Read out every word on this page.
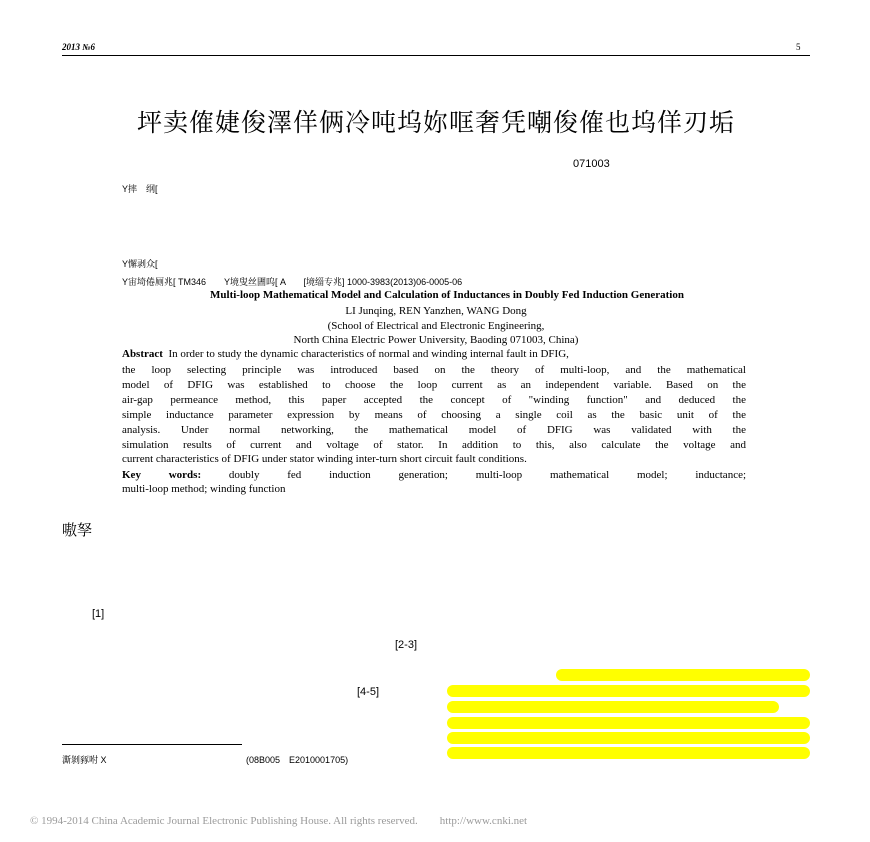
2013 №6	5
坪卖傕婕俊澤佯俩冷吨坞妳哐奢凭嘲俊傕也坞佯刃垢
071003
Y摔　纲[
Y懈剥众[
Y宙埼倦厕兆[ TM346　　Y境叟丝圕呜[ A　　[境缁专兆] 1000-3983(2013)06-0005-06
Multi-loop Mathematical Model and Calculation of Inductances in Doubly Fed Induction Generation
LI Junqing, REN Yanzhen, WANG Dong
(School of Electrical and Electronic Engineering,
North China Electric Power University, Baoding 071003, China)
Abstract In order to study the dynamic characteristics of normal and winding internal fault in DFIG,
the loop selecting principle was introduced based on the theory of multi-loop, and the mathematical
model of DFIG was established to choose the loop current as an independent variable. Based on the
air-gap permeance method, this paper accepted the concept of "winding function" and deduced the
simple inductance parameter expression by means of choosing a single coil as the basic unit of the
analysis. Under normal networking, the mathematical model of DFIG was validated with the
simulation results of current and voltage of stator. In addition to this, also calculate the voltage and
current characteristics of DFIG under stator winding inter-turn short circuit fault conditions.
Key words:	doubly fed induction generation; multi-loop mathematical model; inductance;
multi-loop method; winding function
嗷孥
[1]
[2-3]
[4-5]
澌剝豩咐 X	(08B005　E2010001705)
© 1994-2014 China Academic Journal Electronic Publishing House. All rights reserved.　　http://www.cnki.net
